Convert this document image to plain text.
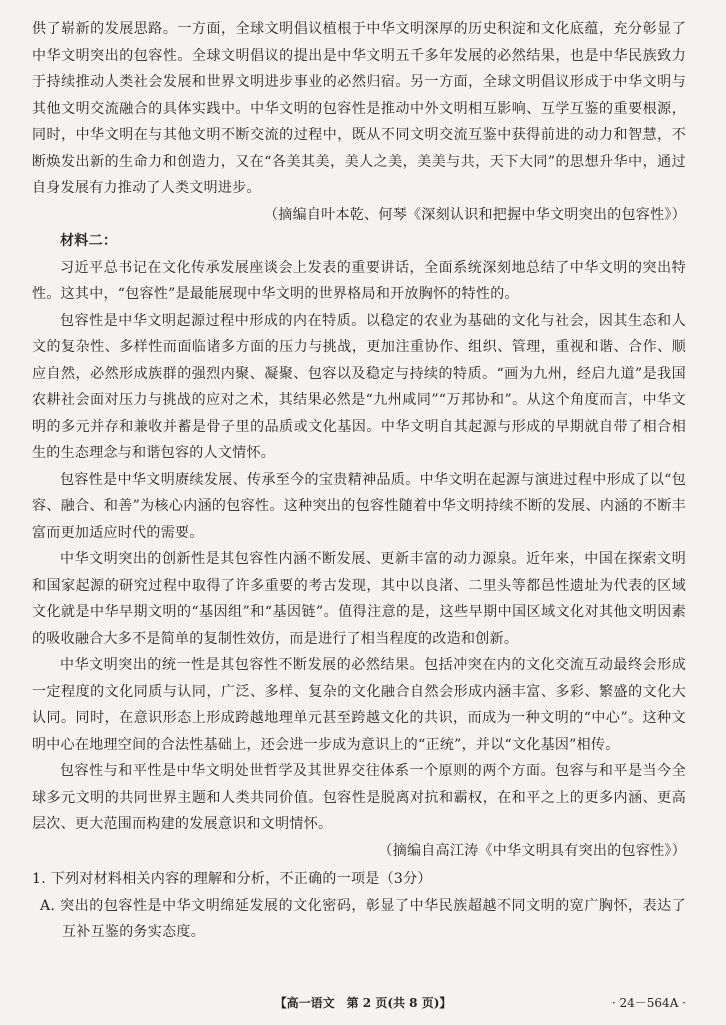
供了崭新的发展思路。一方面，全球文明倡议植根于中华文明深厚的历史积淀和文化底蕴，充分彰显了中华文明突出的包容性。全球文明倡议的提出是中华文明五千多年发展的必然结果，也是中华民族致力于持续推动人类社会发展和世界文明进步事业的必然归宿。另一方面，全球文明倡议形成于中华文明与其他文明交流融合的具体实践中。中华文明的包容性是推动中外文明相互影响、互学互鉴的重要根源，同时，中华文明在与其他文明不断交流的过程中，既从不同文明交流互鉴中获得前进的动力和智慧，不断焕发出新的生命力和创造力，又在“各美其美，美人之美，美美与共，天下大同”的思想升华中，通过自身发展有力推动了人类文明进步。

（摘编自叶本乾、何琴《深刻认识和把握中华文明突出的包容性》）

材料二：

习近平总书记在文化传承发展座谈会上发表的重要讲话，全面系统深刻地总结了中华文明的突出特性。这其中，“包容性”是最能展现中华文明的世界格局和开放胸怀的特性的。

包容性是中华文明起源过程中形成的内在特质。以稳定的农业为基础的文化与社会，因其生态和人文的复杂性、多样性而面临诸多方面的压力与挑战，更加注重协作、组织、管理，重视和谐、合作、顺应自然，必然形成族群的强烈内聚、凝聚、包容以及稳定与持续的特质。“画为九州，经启九道”是我国农耕社会面对压力与挑战的应对之术，其结果必然是“九州咸同”“万邦协和”。从这个角度而言，中华文明的多元并存和兼收并蓄是骨子里的品质或文化基因。中华文明自其起源与形成的早期就自带了相合相生的生态理念与和谐包容的人文情怀。

包容性是中华文明赓续发展、传承至今的宝贵精神品质。中华文明在起源与演进过程中形成了以“包容、融合、和善”为核心内涵的包容性。这种突出的包容性随着中华文明持续不断的发展、内涵的不断丰富而更加适应时代的需要。

中华文明突出的创新性是其包容性内涵不断发展、更新丰富的动力源泉。近年来，中国在探索文明和国家起源的研究过程中取得了许多重要的考古发现，其中以良渚、二里头等都邑性遗址为代表的区域文化就是中华早期文明的“基因组”和“基因链”。值得注意的是，这些早期中国区域文化对其他文明因素的吸收融合大多不是简单的复制性效仿，而是进行了相当程度的改造和创新。

中华文明突出的统一性是其包容性不断发展的必然结果。包括冲突在内的文化交流互动最终会形成一定程度的文化同质与认同，广泛、多样、复杂的文化融合自然会形成内涵丰富、多彩、繁盛的文化大认同。同时，在意识形态上形成跨越地理单元甚至跨越文化的共识，而成为一种文明的“中心”。这种文明中心在地理空间的合法性基础上，还会进一步成为意识上的“正统”，并以“文化基因”相传。

包容性与和平性是中华文明处世哲学及其世界交往体系一个原则的两个方面。包容与和平是当今全球多元文明的共同世界主题和人类共同价值。包容性是脱离对抗和霸权，在和平之上的更多内涵、更高层次、更大范围而构建的发展意识和文明情怀。

（摘编自高江涛《中华文明具有突出的包容性》）

1. 下列对材料相关内容的理解和分析，不正确的一项是（3分）

A. 突出的包容性是中华文明绵延发展的文化密码，彰显了中华民族超越不同文明的宽广胸怀，表达了互补互鉴的务实态度。

【高一语文　第 2 页(共 8 页)】	· 24－564A ·
